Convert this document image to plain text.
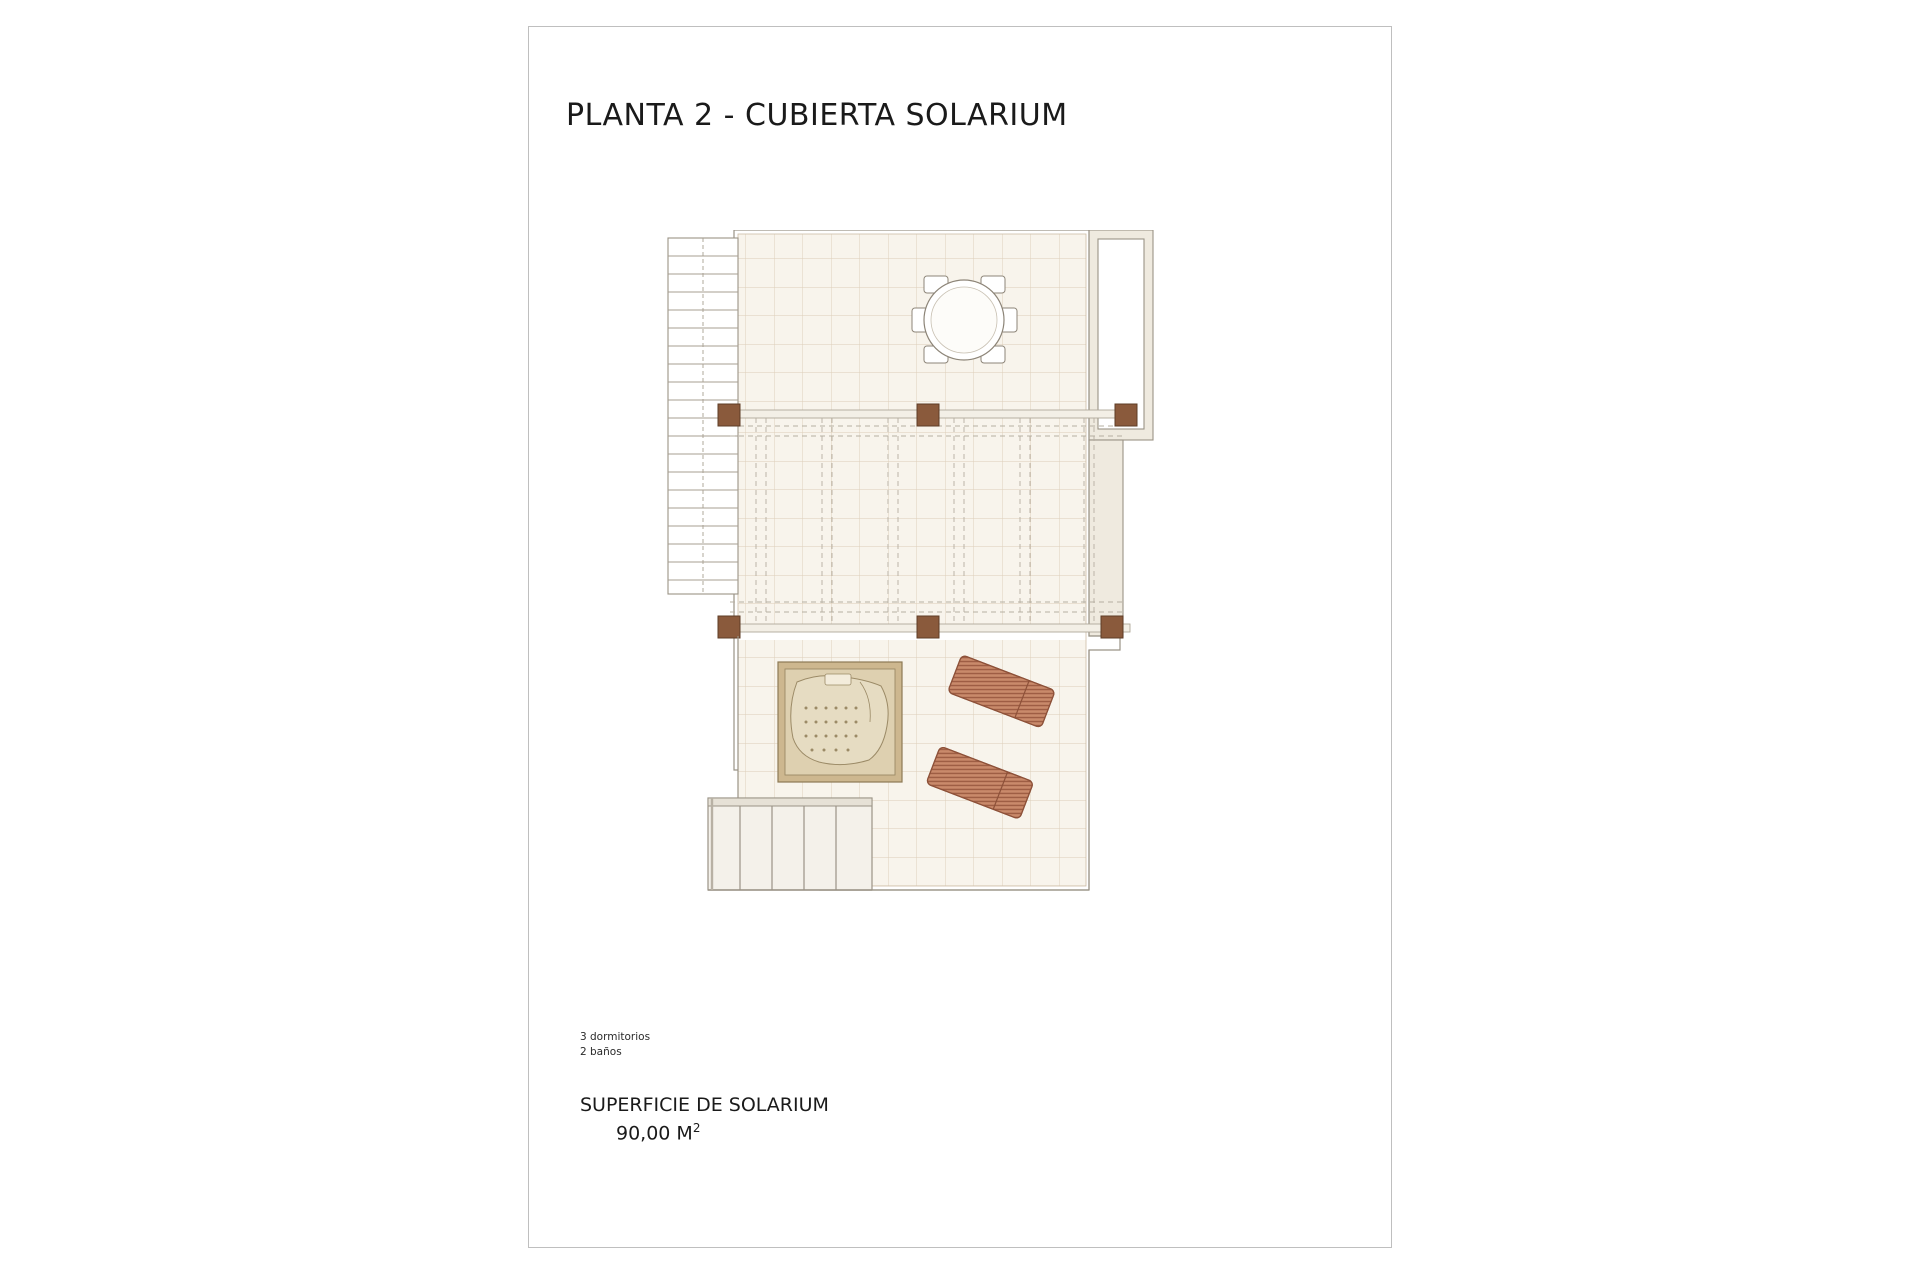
PLANTA 2 - CUBIERTA SOLARIUM
3 dormitorios
2 baños
SUPERFICIE DE SOLARIUM
90,00 $M^2$
